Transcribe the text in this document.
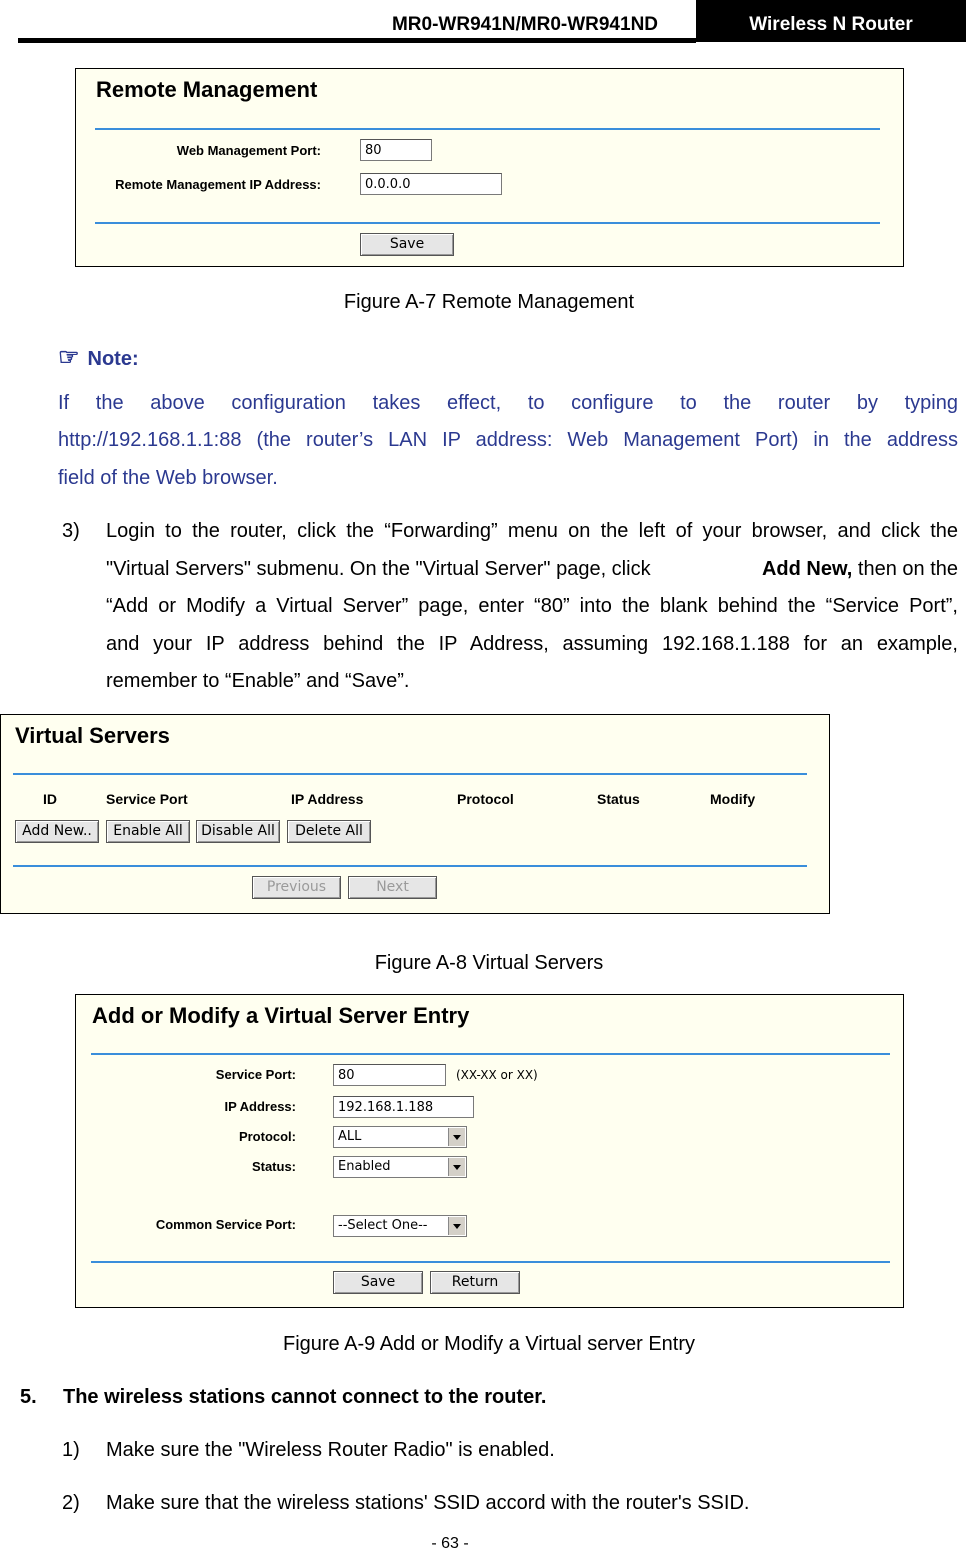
MR0-WR941N/MR0-WR941ND	Wireless N Router
Remote Management
Web Management Port:	80
Remote Management IP Address:	0.0.0.0
Save
Figure A-7 Remote Management
☞ Note:
If the above configuration takes effect, to configure to the router by typing
http://192.168.1.1:88 (the router’s LAN IP address: Web Management Port) in the address
field of the Web browser.
3) Login to the router, click the “Forwarding” menu on the left of your browser, and click the
"Virtual Servers" submenu. On the "Virtual Server" page, click	Add New, then on the
“Add or Modify a Virtual Server” page, enter “80” into the blank behind the “Service Port”,
and your IP address behind the IP Address, assuming 192.168.1.188 for an example,
remember to “Enable” and “Save”.
Virtual Servers
ID	Service Port	IP Address	Protocol	Status	Modify
Add New..	Enable All	Disable All	Delete All
Previous	Next
Figure A-8 Virtual Servers
Add or Modify a Virtual Server Entry
Service Port:	80	(XX-XX or XX)
IP Address:	192.168.1.188
Protocol:	ALL
Status:	Enabled
Common Service Port:	--Select One--
Save	Return
Figure A-9 Add or Modify a Virtual server Entry
5. The wireless stations cannot connect to the router.
1) Make sure the "Wireless Router Radio" is enabled.
2) Make sure that the wireless stations' SSID accord with the router's SSID.
- 63 -
